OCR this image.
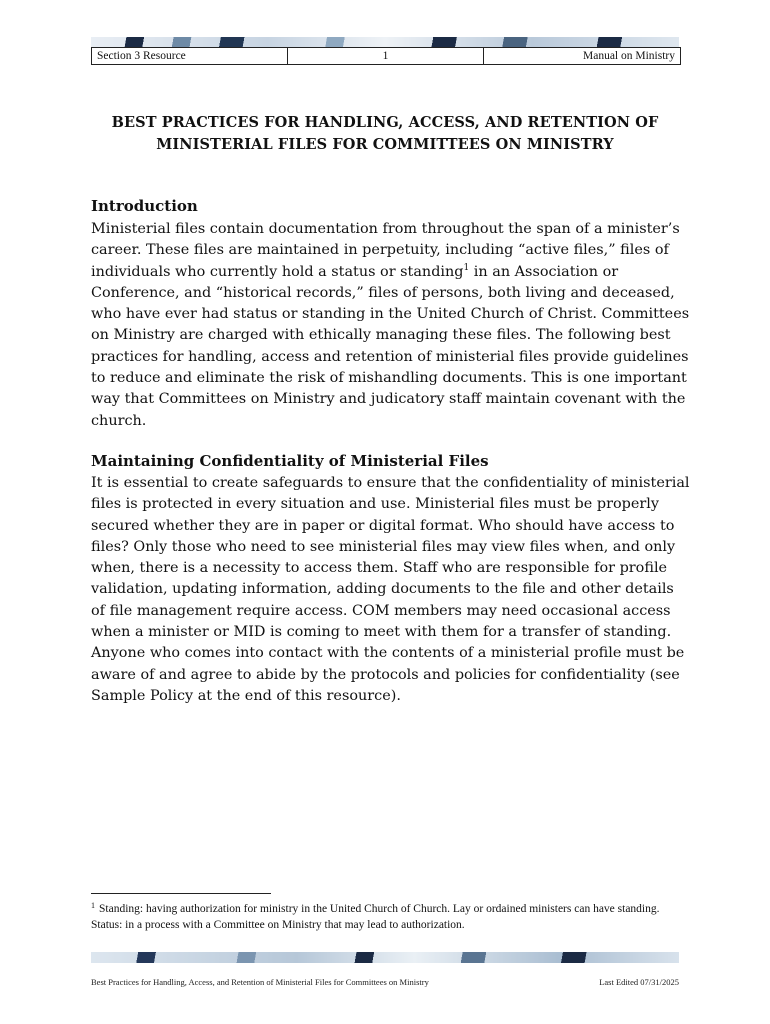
Section 3 Resource	1	Manual on Ministry
BEST PRACTICES FOR HANDLING, ACCESS, AND RETENTION OF
MINISTERIAL FILES FOR COMMITTEES ON MINISTRY
Introduction

Ministerial files contain documentation from throughout the span of a minister’s career. These files are maintained in perpetuity, including “active files,” files of individuals who currently hold a status or standing$^1$ in an Association or Conference, and “historical records,” files of persons, both living and deceased, who have ever had status or standing in the United Church of Christ. Committees on Ministry are charged with ethically managing these files. The following best practices for handling, access and retention of ministerial files provide guidelines to reduce and eliminate the risk of mishandling documents. This is one important way that Committees on Ministry and judicatory staff maintain covenant with the church.

Maintaining Confidentiality of Ministerial Files

It is essential to create safeguards to ensure that the confidentiality of ministerial files is protected in every situation and use. Ministerial files must be properly secured whether they are in paper or digital format. Who should have access to files? Only those who need to see ministerial files may view files when, and only when, there is a necessity to access them. Staff who are responsible for profile validation, updating information, adding documents to the file and other details of file management require access. COM members may need occasional access when a minister or MID is coming to meet with them for a transfer of standing. Anyone who comes into contact with the contents of a ministerial profile must be aware of and agree to abide by the protocols and policies for confidentiality (see Sample Policy at the end of this resource).

$^1$ Standing: having authorization for ministry in the United Church of Church. Lay or ordained ministers can have standing. Status: in a process with a Committee on Ministry that may lead to authorization.

Best Practices for Handling, Access, and Retention of Ministerial Files for Committees on Ministry	Last Edited 07/31/2025
